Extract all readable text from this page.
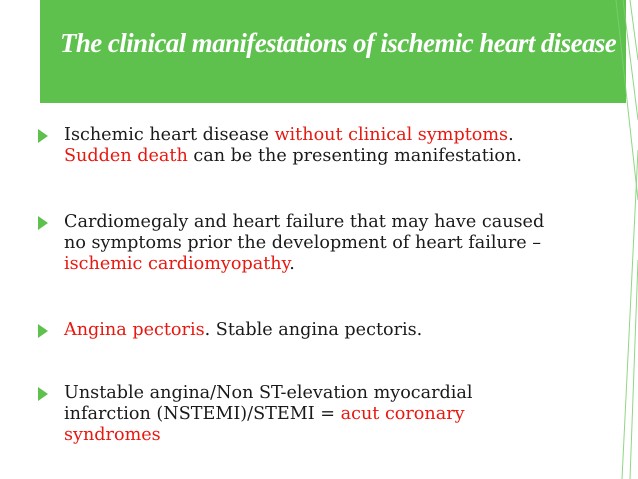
The clinical manifestations of ischemic heart disease
Ischemic heart disease without clinical symptoms.
Sudden death can be the presenting manifestation.
Cardiomegaly and heart failure that may have caused
no symptoms prior the development of heart failure –
ischemic cardiomyopathy.
Angina pectoris. Stable angina pectoris.
Unstable angina/Non ST-elevation myocardial
infarction (NSTEMI)/STEMI = acut coronary
syndromes
